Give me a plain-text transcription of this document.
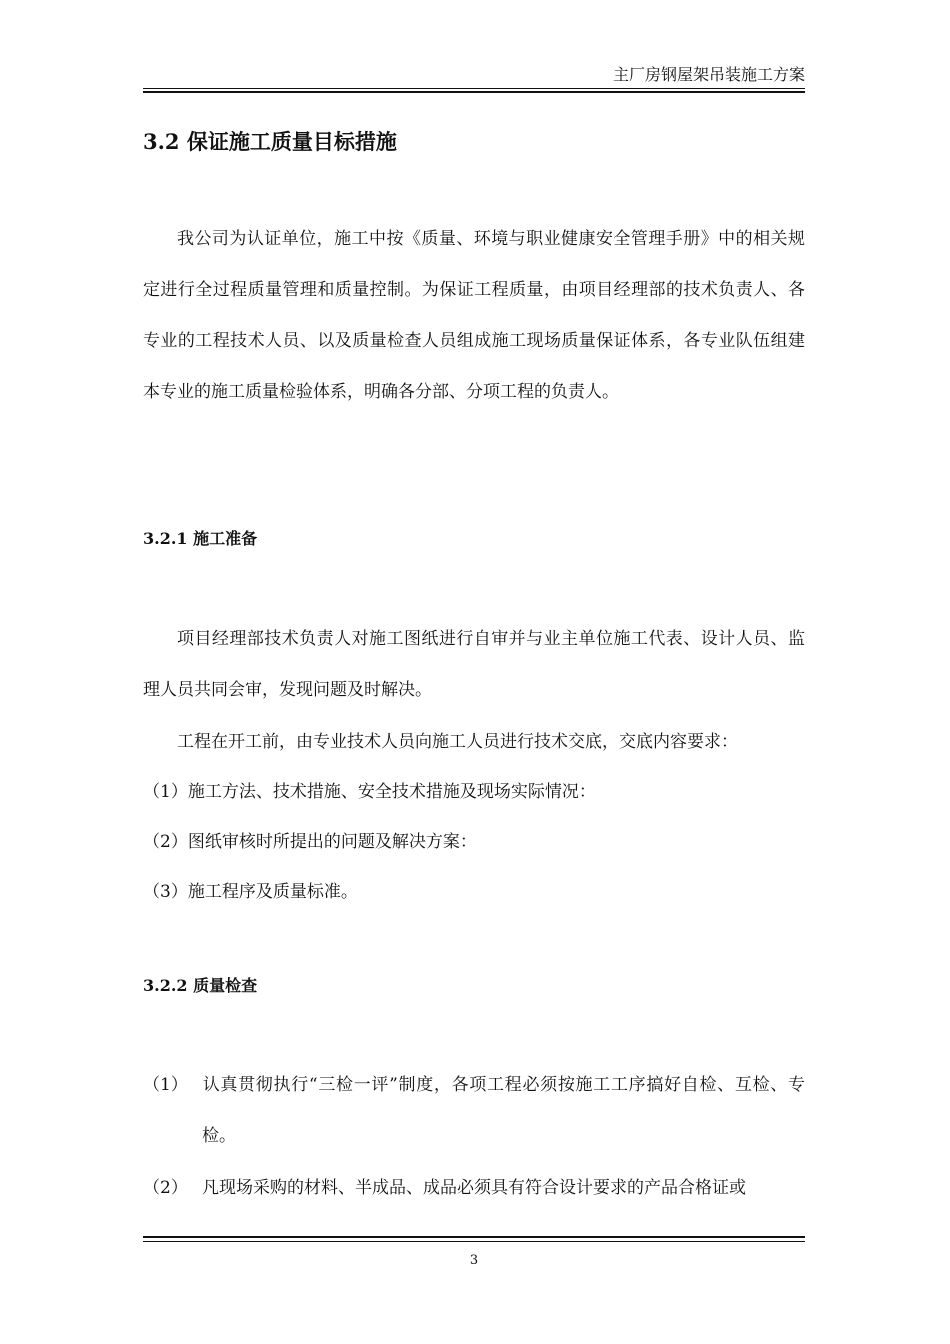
主厂房钢屋架吊装施工方案
3.2 保证施工质量目标措施

我公司为认证单位，施工中按《质量、环境与职业健康安全管理手册》中的相关规定进行全过程质量管理和质量控制。为保证工程质量，由项目经理部的技术负责人、各专业的工程技术人员、以及质量检查人员组成施工现场质量保证体系，各专业队伍组建本专业的施工质量检验体系，明确各分部、分项工程的负责人。

3.2.1 施工准备

项目经理部技术负责人对施工图纸进行自审并与业主单位施工代表、设计人员、监理人员共同会审，发现问题及时解决。

工程在开工前，由专业技术人员向施工人员进行技术交底，交底内容要求：

（1）施工方法、技术措施、安全技术措施及现场实际情况：

（2）图纸审核时所提出的问题及解决方案：

（3）施工程序及质量标准。

3.2.2 质量检查

（1） 认真贯彻执行“三检一评”制度，各项工程必须按施工工序搞好自检、互检、专检。

（2） 凡现场采购的材料、半成品、成品必须具有符合设计要求的产品合格证或

3
